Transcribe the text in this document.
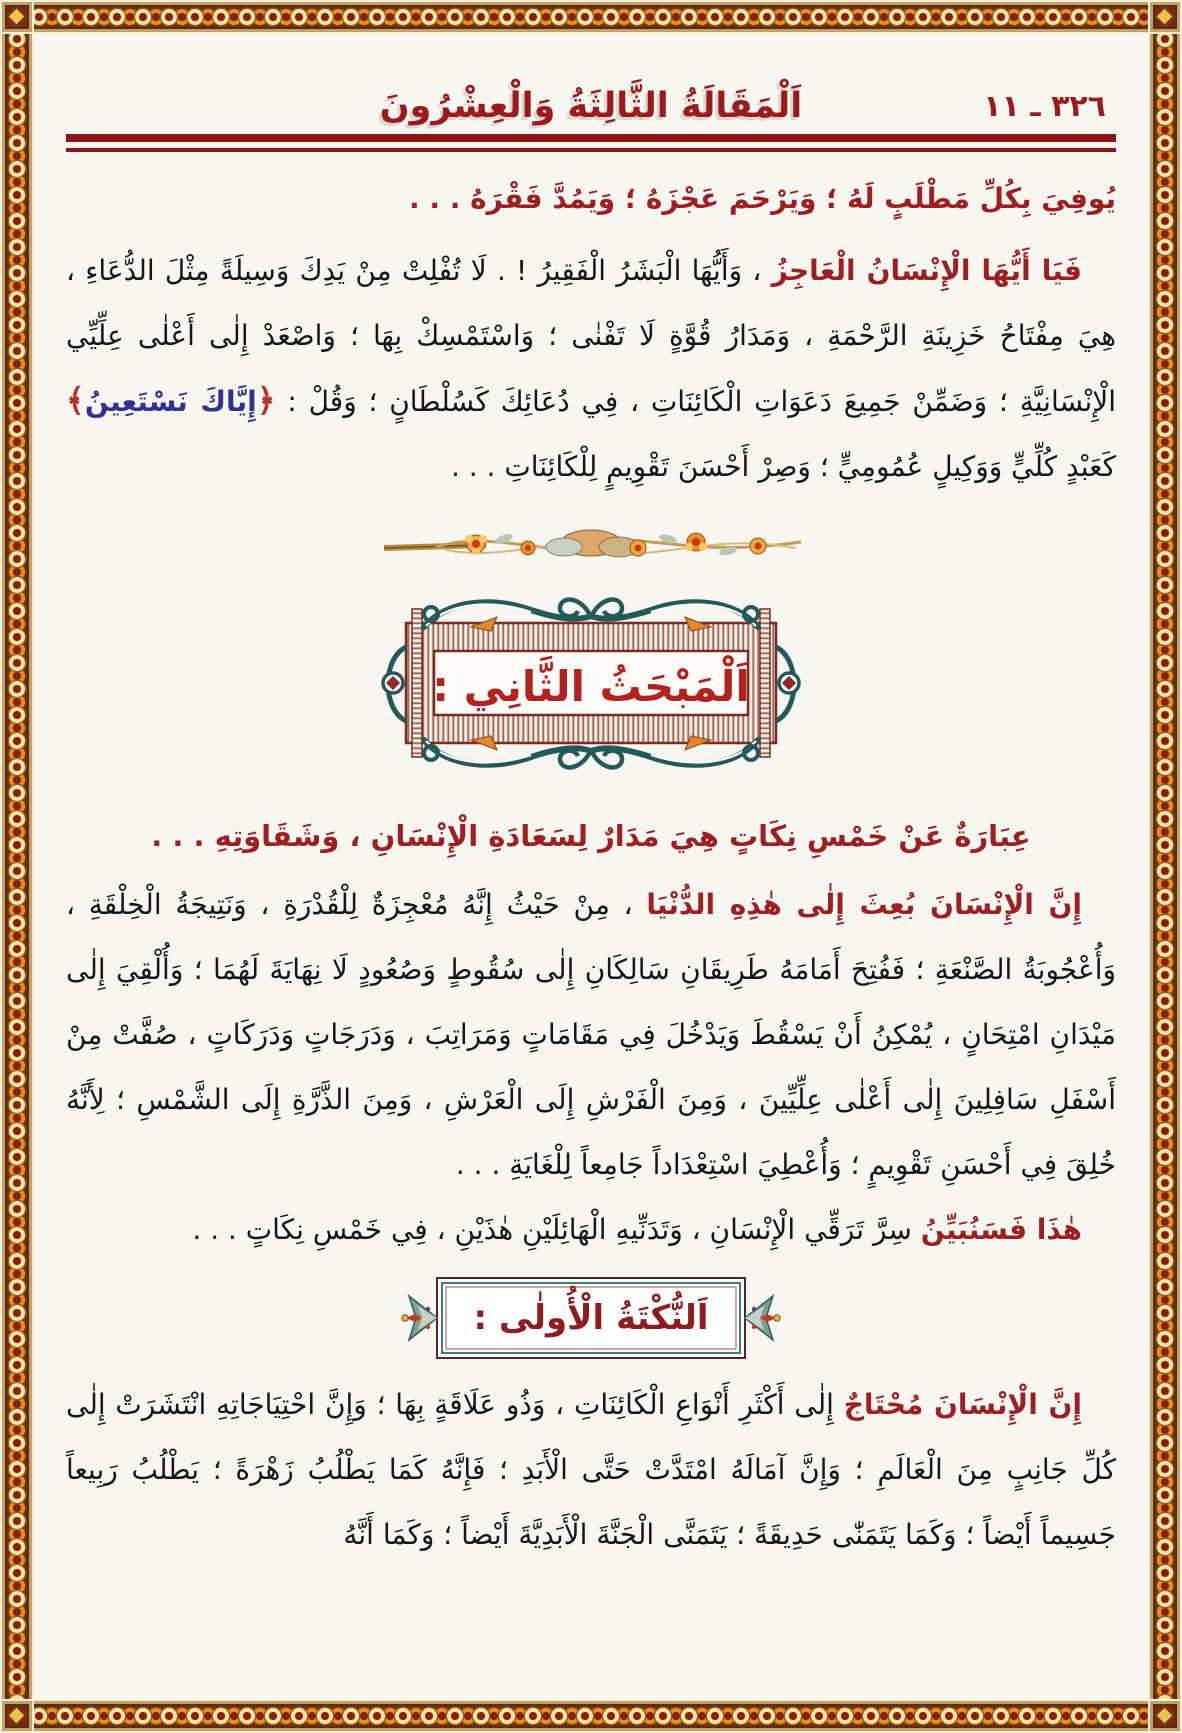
٣٢٦ ـ ١١
اَلْمَقَالَةُ الثَّالِثَةُ وَالْعِشْرُونَ
يُوفِيَ بِكُلِّ مَطْلَبٍ لَهُ ؛ وَيَرْحَمَ عَجْزَهُ ؛ وَيَمُدَّ فَقْرَهُ . . .
فَيَا أَيُّهَا الْإِنْسَانُ الْعَاجِزُ ، وَأَيُّهَا الْبَشَرُ الْفَقِيرُ ! . لَا تُفْلِتْ مِنْ يَدِكَ وَسِيلَةً مِثْلَ الدُّعَاءِ ، هِيَ مِفْتَاحُ خَزِينَةِ الرَّحْمَةِ ، وَمَدَارُ قُوَّةٍ لَا تَفْنٰى ؛ وَاسْتَمْسِكْ بِهَا ؛ وَاصْعَدْ إِلٰى أَعْلٰى عِلِّيِّي الْإِنْسَانِيَّةِ ؛ وَضَمِّنْ جَمِيعَ دَعَوَاتِ الْكَائِنَاتِ ، فِي دُعَائِكَ كَسُلْطَانٍ ؛ وَقُلْ : ﴿إِيَّاكَ نَسْتَعِينُ﴾ كَعَبْدٍ كُلِّيٍّ وَوَكِيلٍ عُمُومِيٍّ ؛ وَصِرْ أَحْسَنَ تَقْوِيمٍ لِلْكَائِنَاتِ . . .
اَلْمَبْحَثُ الثَّانِي :
عِبَارَةٌ عَنْ خَمْسِ نِكَاتٍ هِيَ مَدَارٌ لِسَعَادَةِ الْإِنْسَانِ ، وَشَقَاوَتِهِ . . .
إِنَّ الْإِنْسَانَ بُعِثَ إِلٰى هٰذِهِ الدُّنْيَا ، مِنْ حَيْثُ إِنَّهُ مُعْجِزَةٌ لِلْقُدْرَةِ ، وَنَتِيجَةُ الْخِلْقَةِ ، وَأُعْجُوبَةُ الصَّنْعَةِ ؛ فَفُتِحَ أَمَامَهُ طَرِيقَانِ سَالِكَانِ إِلٰى سُقُوطٍ وَصُعُودٍ لَا نِهَايَةَ لَهُمَا ؛ وَأُلْقِيَ إِلٰى مَيْدَانِ امْتِحَانٍ ، يُمْكِنُ أَنْ يَسْقُطَ وَيَدْخُلَ فِي مَقَامَاتٍ وَمَرَاتِبَ ، وَدَرَجَاتٍ وَدَرَكَاتٍ ، صُفَّتْ مِنْ أَسْفَلِ سَافِلِينَ إِلٰى أَعْلٰى عِلِّيِّينَ ، وَمِنَ الْفَرْشِ إِلَى الْعَرْشِ ، وَمِنَ الذَّرَّةِ إِلَى الشَّمْسِ ؛ لِأَنَّهُ خُلِقَ فِي أَحْسَنِ تَقْوِيمٍ ؛ وَأُعْطِيَ اسْتِعْدَاداً جَامِعاً لِلْغَايَةِ . . .
هٰذَا فَسَنُبَيِّنُ سِرَّ تَرَقِّي الْإِنْسَانِ ، وَتَدَنِّيهِ الْهَائِلَيْنِ هٰذَيْنِ ، فِي خَمْسِ نِكَاتٍ . . .
اَلنُّكْتَةُ الْأُولٰى :
إِنَّ الْإِنْسَانَ مُحْتَاجٌ إِلٰى أَكْثَرِ أَنْوَاعِ الْكَائِنَاتِ ، وَذُو عَلَاقَةٍ بِهَا ؛ وَإِنَّ احْتِيَاجَاتِهِ انْتَشَرَتْ إِلٰى كُلِّ جَانِبٍ مِنَ الْعَالَمِ ؛ وَإِنَّ آمَالَهُ امْتَدَّتْ حَتَّى الْأَبَدِ ؛ فَإِنَّهُ كَمَا يَطْلُبُ زَهْرَةً ؛ يَطْلُبُ رَبِيعاً جَسِيماً أَيْضاً ؛ وَكَمَا يَتَمَنّٰى حَدِيقَةً ؛ يَتَمَنَّى الْجَنَّةَ الْأَبَدِيَّةَ أَيْضاً ؛ وَكَمَا أَنَّهُ
